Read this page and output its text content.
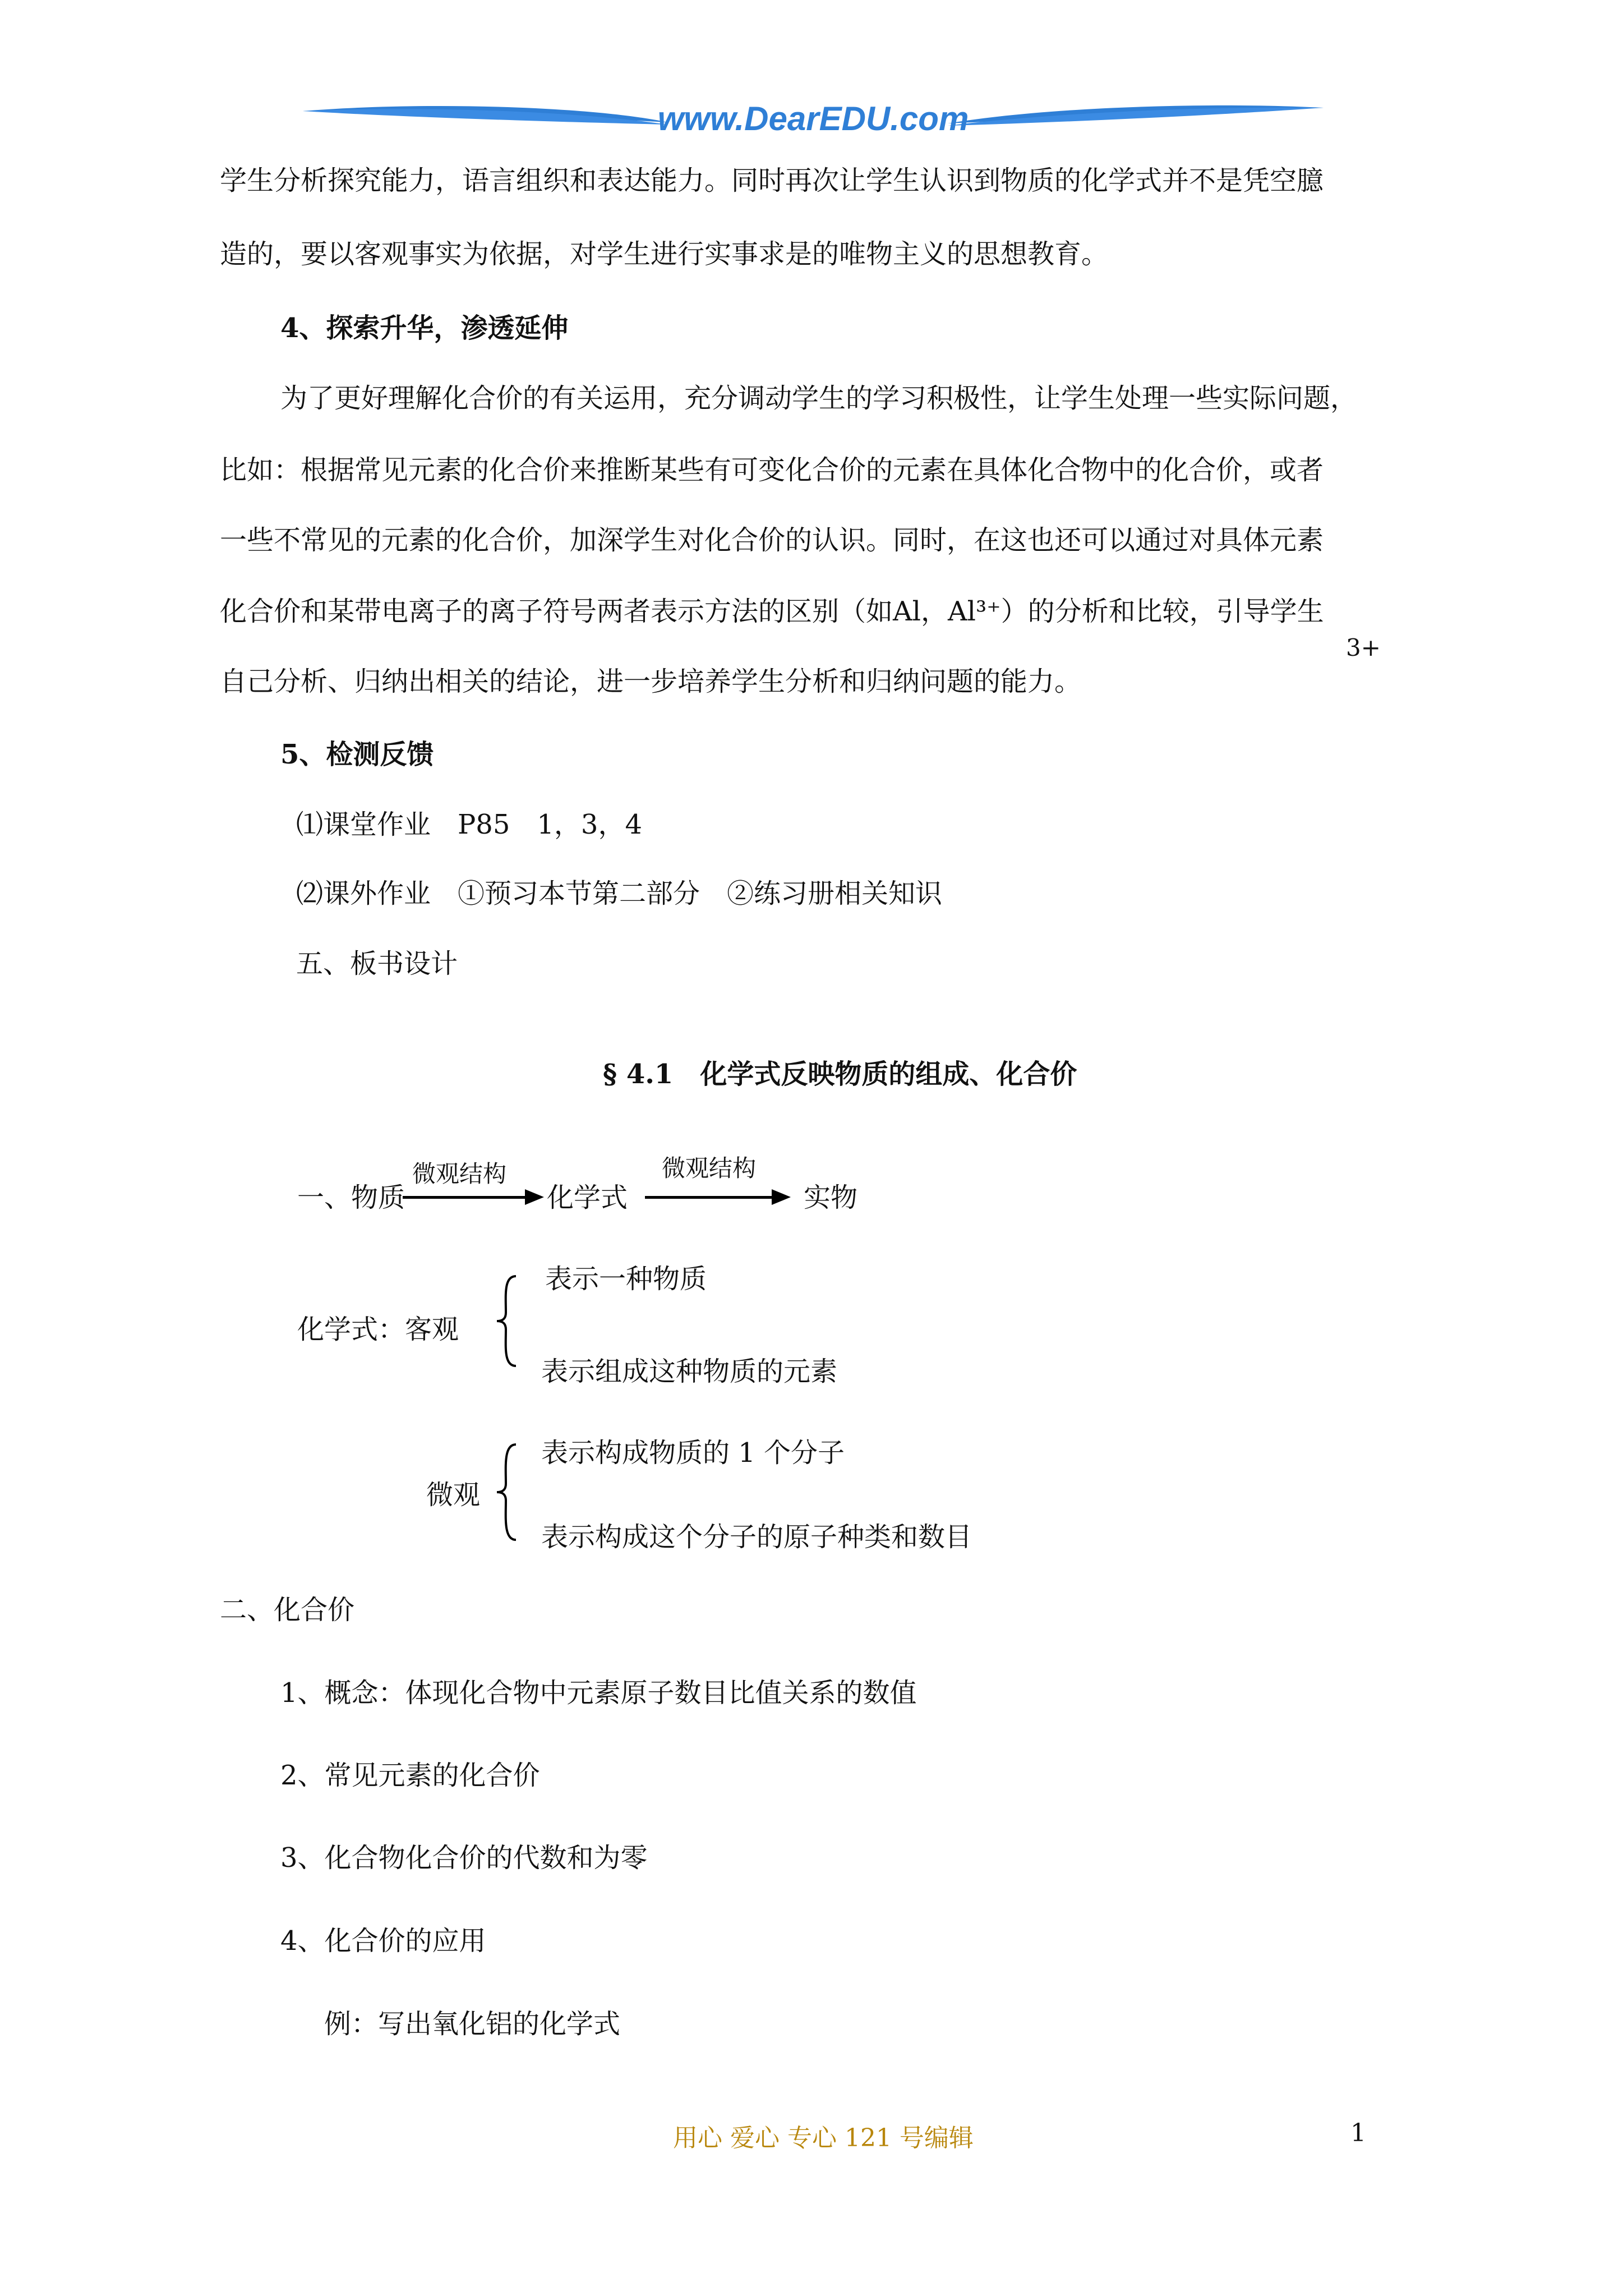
www.DearEDU.com
学生分析探究能力，语言组织和表达能力。同时再次让学生认识到物质的化学式并不是凭空臆
造的，要以客观事实为依据，对学生进行实事求是的唯物主义的思想教育。
4、探索升华，渗透延伸
为了更好理解化合价的有关运用，充分调动学生的学习积极性，让学生处理一些实际问题，
比如：根据常见元素的化合价来推断某些有可变化合价的元素在具体化合物中的化合价，或者
一些不常见的元素的化合价，加深学生对化合价的认识。同时，在这也还可以通过对具体元素
化合价和某带电离子的离子符号两者表示方法的区别（如Al，Al³⁺）的分析和比较，引导学生
3+
自己分析、归纳出相关的结论，进一步培养学生分析和归纳问题的能力。
5、检测反馈
⑴课堂作业　P85　1，3，4
⑵课外作业　①预习本节第二部分　②练习册相关知识
五、板书设计
§ 4.1　化学式反映物质的组成、化合价
一、物质
微观结构
化学式
微观结构
实物
化学式：客观
表示一种物质
表示组成这种物质的元素
微观
表示构成物质的 1 个分子
表示构成这个分子的原子种类和数目
二、化合价
1、概念：体现化合物中元素原子数目比值关系的数值
2、常见元素的化合价
3、化合物化合价的代数和为零
4、化合价的应用
例：写出氧化铝的化学式
用心 爱心 专心 121 号编辑	1
